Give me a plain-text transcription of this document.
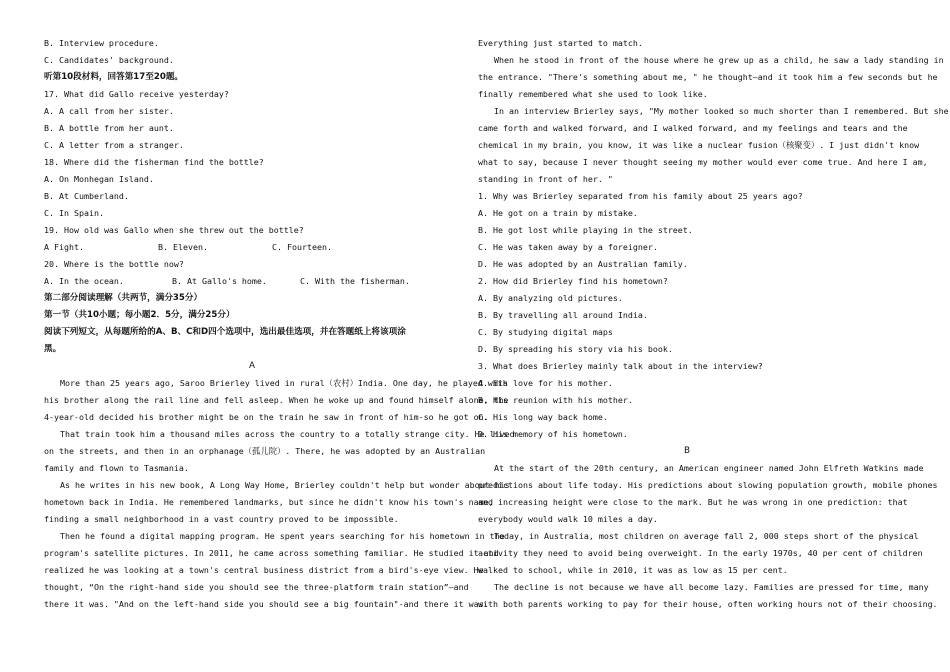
B. Interview procedure.
C. Candidates' background.
听第10段材料，回答第17至20题。
17. What did Gallo receive yesterday?
A. A call from her sister.
B. A bottle from her aunt.
C. A letter from a stranger.
18. Where did the fisherman find the bottle?
A. On Monhegan Island.
B. At Cumberland.
C. In Spain.
19. How old was Gallo when she threw out the bottle?
A Fight.	B. Eleven.	C. Fourteen.
20. Where is the bottle now?
A. In the ocean.	B. At Gallo's home.	C. With the fisherman.
第二部分阅读理解（共两节，满分35分）
第一节（共10小题；每小题2．5分，满分25分）
阅读下列短文，从每题所给的A、B、C和D四个选项中，选出最佳选项，并在答题纸上将该项涂
黑。
A
More than 25 years ago, Saroo Brierley lived in rural（农村）India. One day, he played with
his brother along the rail line and fell asleep. When he woke up and found himself alone, the
4-year-old decided his brother might be on the train he saw in front of him-so he got on.
That train took him a thousand miles across the country to a totally strange city. He lived
on the streets, and then in an orphanage（孤儿院）. There, he was adopted by an Australian
family and flown to Tasmania.
As he writes in his new book, A Long Way Home, Brierley couldn't help but wonder about his
hometown back in India. He remembered landmarks, but since he didn't know his town's name,
finding a small neighborhood in a vast country proved to be impossible.
Then he found a digital mapping program. He spent years searching for his hometown in the
program's satellite pictures. In 2011, he came across something familiar. He studied it and
realized he was looking at a town's central business district from a bird's-eye view. He
thought, “On the right-hand side you should see the three-platform train station”—and
there it was. "And on the left-hand side you should see a big fountain"-and there it was.
Everything just started to match.
When he stood in front of the house where he grew up as a child, he saw a lady standing in
the entrance. "There's something about me, " he thought—and it took him a few seconds but he
finally remembered what she used to look like.
In an interview Brierley says, "My mother looked so much shorter than I remembered. But she
came forth and walked forward, and I walked forward, and my feelings and tears and the
chemical in my brain, you know, it was like a nuclear fusion（核聚变）. I just didn't know
what to say, because I never thought seeing my mother would ever come true. And here I am,
standing in front of her. "
1. Why was Brierley separated from his family about 25 years ago?
A. He got on a train by mistake.
B. He got lost while playing in the street.
C. He was taken away by a foreigner.
D. He was adopted by an Australian family.
2. How did Brierley find his hometown?
A. By analyzing old pictures.
B. By travelling all around India.
C. By studying digital maps
D. By spreading his story via his book.
3. What does Brierley mainly talk about in the interview?
A. His love for his mother.
B. His reunion with his mother.
C. His long way back home.
D. His memory of his hometown.
B
At the start of the 20th century, an American engineer named John Elfreth Watkins made
predictions about life today. His predictions about slowing population growth, mobile phones
and increasing height were close to the mark. But he was wrong in one prediction: that
everybody would walk 10 miles a day.
Today, in Australia, most children on average fall 2, 000 steps short of the physical
activity they need to avoid being overweight. In the early 1970s, 40 per cent of children
walked to school, while in 2010, it was as low as 15 per cent.
The decline is not because we have all become lazy. Families are pressed for time, many
with both parents working to pay for their house, often working hours not of their choosing.
